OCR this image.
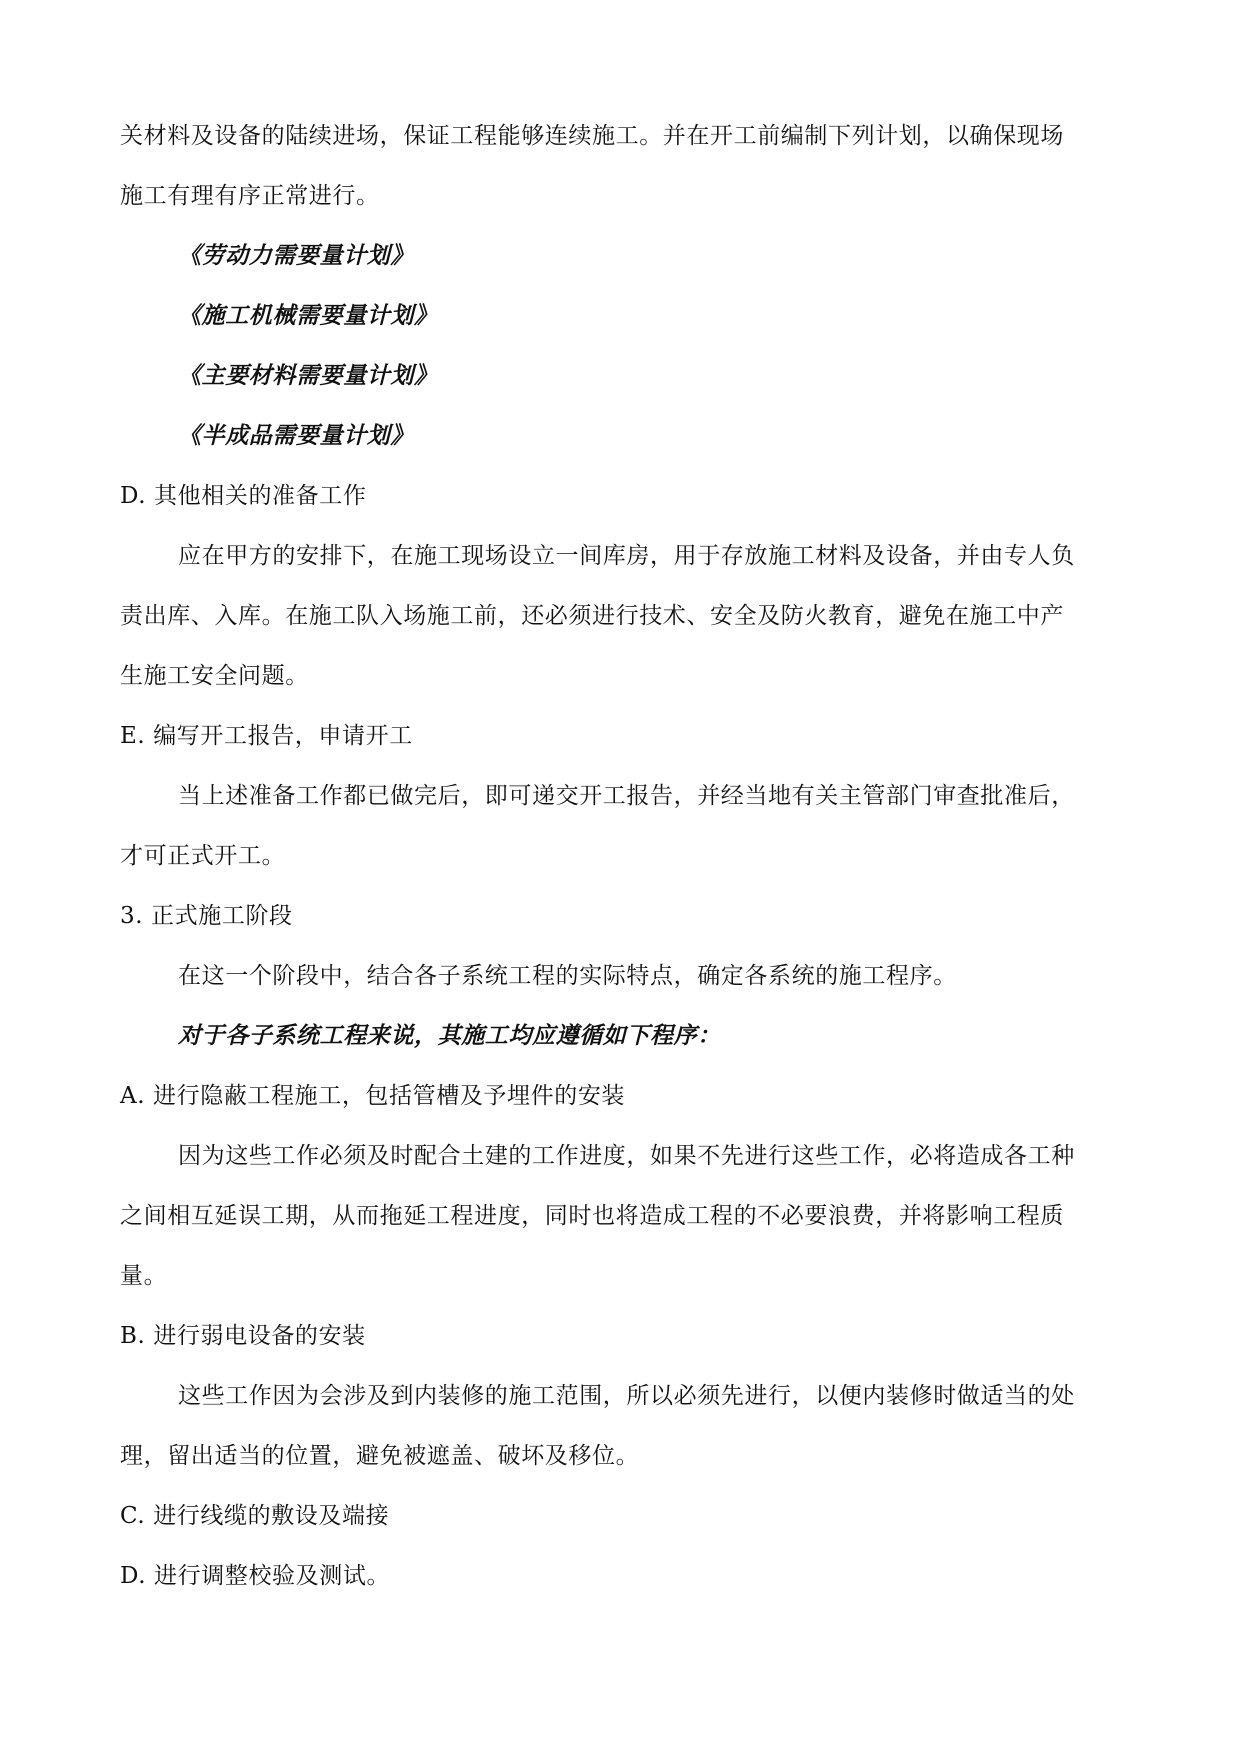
关材料及设备的陆续进场，保证工程能够连续施工。并在开工前编制下列计划，以确保现场

施工有理有序正常进行。

《劳动力需要量计划》

《施工机械需要量计划》

《主要材料需要量计划》

《半成品需要量计划》

D. 其他相关的准备工作

应在甲方的安排下，在施工现场设立一间库房，用于存放施工材料及设备，并由专人负

责出库、入库。在施工队入场施工前，还必须进行技术、安全及防火教育，避免在施工中产

生施工安全问题。

E. 编写开工报告，申请开工

当上述准备工作都已做完后，即可递交开工报告，并经当地有关主管部门审查批准后，

才可正式开工。

3. 正式施工阶段

在这一个阶段中，结合各子系统工程的实际特点，确定各系统的施工程序。

对于各子系统工程来说，其施工均应遵循如下程序：

A. 进行隐蔽工程施工，包括管槽及予埋件的安装

因为这些工作必须及时配合土建的工作进度，如果不先进行这些工作，必将造成各工种

之间相互延误工期，从而拖延工程进度，同时也将造成工程的不必要浪费，并将影响工程质

量。

B. 进行弱电设备的安装

这些工作因为会涉及到内装修的施工范围，所以必须先进行，以便内装修时做适当的处

理，留出适当的位置，避免被遮盖、破坏及移位。

C. 进行线缆的敷设及端接

D. 进行调整校验及测试。
